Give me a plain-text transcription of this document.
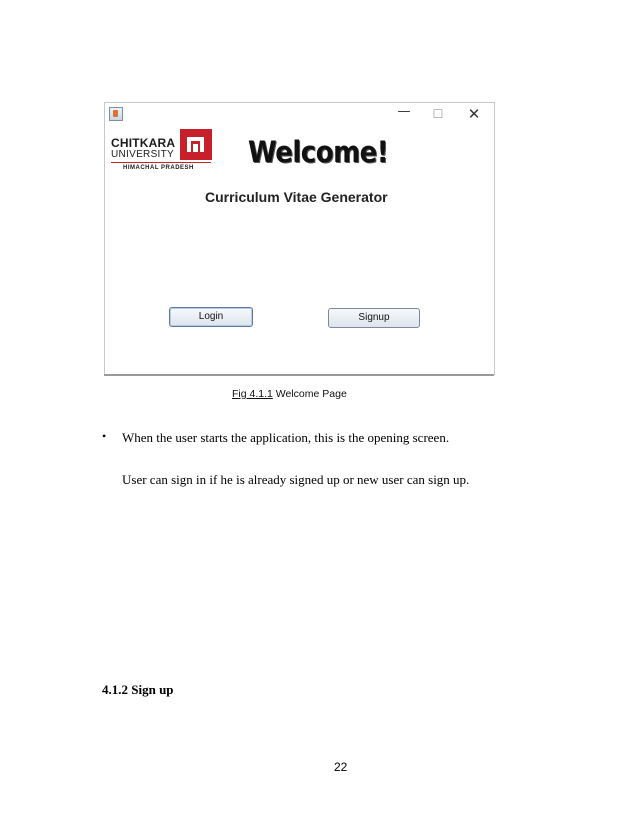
—	☐	✕
CHITKARA
UNIVERSITY
HIMACHAL PRADESH Welcome!
Curriculum Vitae Generator
Login	Signup
Fig 4.1.1 Welcome Page
• When the user starts the application, this is the opening screen.
User can sign in if he is already signed up or new user can sign up.
4.1.2 Sign up
22
